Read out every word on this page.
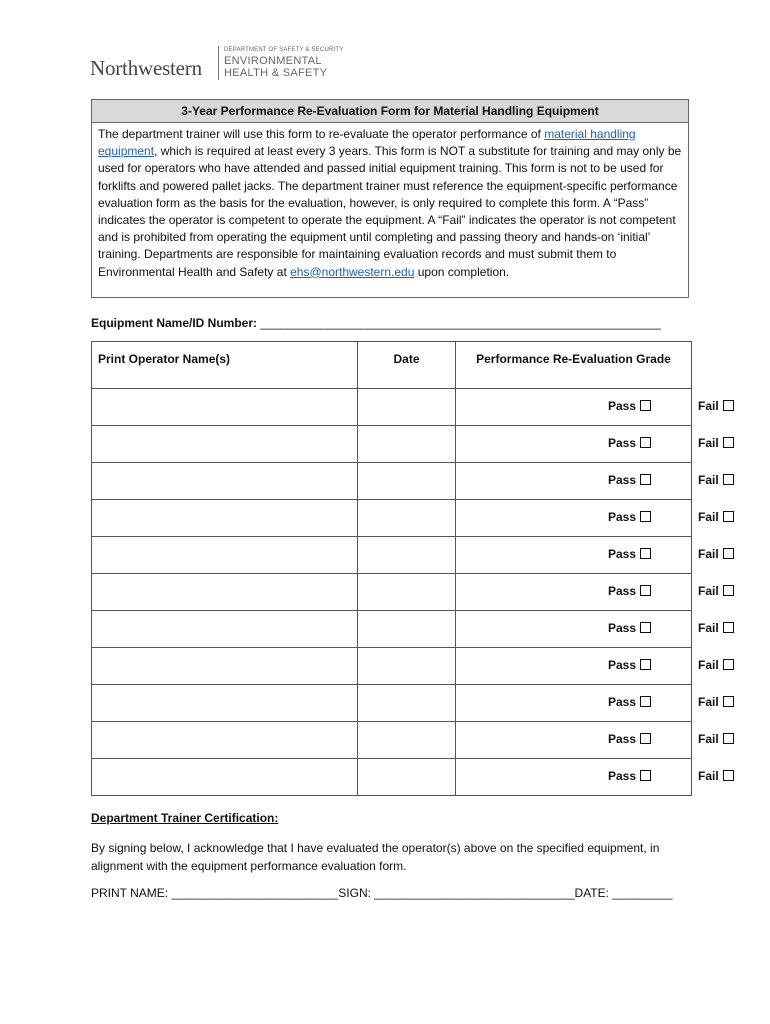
Northwestern
DEPARTMENT OF SAFETY & SECURITY
ENVIRONMENTAL
HEALTH & SAFETY
3-Year Performance Re-Evaluation Form for Material Handling Equipment
The department trainer will use this form to re-evaluate the operator performance of material handling equipment, which is required at least every 3 years. This form is NOT a substitute for training and may only be used for operators who have attended and passed initial equipment training. This form is not to be used for forklifts and powered pallet jacks. The department trainer must reference the equipment-specific performance evaluation form as the basis for the evaluation, however, is only required to complete this form. A “Pass” indicates the operator is competent to operate the equipment. A “Fail” indicates the operator is not competent and is prohibited from operating the equipment until completing and passing theory and hands-on ‘initial’ training. Departments are responsible for maintaining evaluation records and must submit them to Environmental Health and Safety at ehs@northwestern.edu upon completion.
Equipment Name/ID Number: ____________________________________________________________
Print Operator Name(s)	Date	Performance Re-Evaluation Grade

		Pass Fail

		Pass Fail

		Pass Fail

		Pass Fail

		Pass Fail

		Pass Fail

		Pass Fail

		Pass Fail

		Pass Fail

		Pass Fail

		Pass Fail
Department Trainer Certification:
By signing below, I acknowledge that I have evaluated the operator(s) above on the specified equipment, in alignment with the equipment performance evaluation form.
PRINT NAME: _________________________SIGN: ______________________________DATE: _________
